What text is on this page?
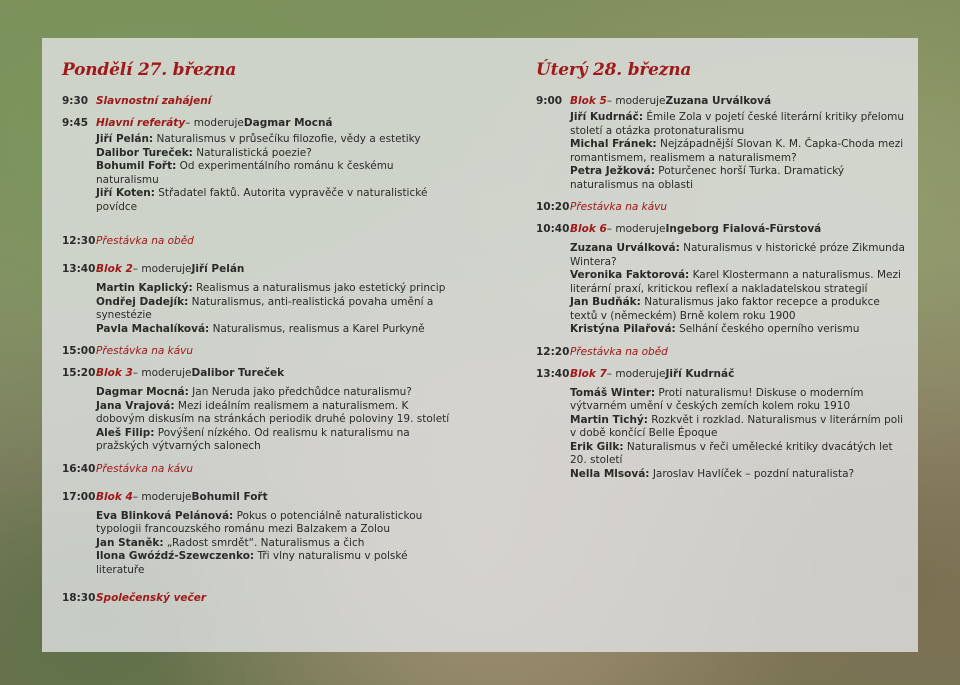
Pondělí 27. března
9:30 Slavnostní zahájení
9:45 Hlavní referáty – moderuje Dagmar Mocná
Jiří Pelán: Naturalismus v průsečíku filozofie, vědy a estetiky
Dalibor Tureček: Naturalistická poezie?
Bohumil Fořt: Od experimentálního románu k českému naturalismu
Jiří Koten: Střadatel faktů. Autorita vypravěče v naturalistické povídce
12:30 Přestávka na oběd
13:40 Blok 2 – moderuje Jiří Pelán
Martin Kaplický: Realismus a naturalismus jako estetický princip
Ondřej Dadejík: Naturalismus, anti-realistická povaha umění a synestézie
Pavla Machalíková: Naturalismus, realismus a Karel Purkyně
15:00 Přestávka na kávu
15:20 Blok 3 – moderuje Dalibor Tureček
Dagmar Mocná: Jan Neruda jako předchůdce naturalismu?
Jana Vrajová: Mezi ideálním realismem a naturalismem. K dobovým diskusím na stránkách periodik druhé poloviny 19. století
Aleš Filip: Povýšení nízkého. Od realismu k naturalismu na pražských výtvarných salonech
16:40 Přestávka na kávu
17:00 Blok 4 – moderuje Bohumil Fořt
Eva Blinková Pelánová: Pokus o potenciálně naturalistickou typologii francouzského románu mezi Balzakem a Zolou
Jan Staněk: „Radost smrdět“. Naturalismus a čich
Ilona Gwóźdź-Szewczenko: Tři vlny naturalismu v polské literatuře
18:30 Společenský večer
Úterý 28. března
9:00 Blok 5 – moderuje Zuzana Urválková
Jiří Kudrnáč: Émile Zola v pojetí české literární kritiky přelomu století a otázka protonaturalismu
Michal Fránek: Nejzápadnější Slovan K. M. Čapka-Choda mezi romantismem, realismem a naturalismem?
Petra Ježková: Poturčenec horší Turka. Dramatický naturalismus na oblasti
10:20 Přestávka na kávu
10:40 Blok 6 – moderuje Ingeborg Fialová-Fürstová
Zuzana Urválková: Naturalismus v historické próze Zikmunda Wintera?
Veronika Faktorová: Karel Klostermann a naturalismus. Mezi literární praxí, kritickou reflexí a nakladatelskou strategií
Jan Budňák: Naturalismus jako faktor recepce a produkce textů v (německém) Brně kolem roku 1900
Kristýna Pilařová: Selhání českého operního verismu
12:20 Přestávka na oběd
13:40 Blok 7 – moderuje Jiří Kudrnáč
Tomáš Winter: Proti naturalismu! Diskuse o moderním výtvarném umění v českých zemích kolem roku 1910
Martin Tichý: Rozkvět i rozklad. Naturalismus v literárním poli v době končící Belle Époque
Erik Gilk: Naturalismus v řeči umělecké kritiky dvacátých let 20. století
Nella Mlsová: Jaroslav Havlíček – pozdní naturalista?
